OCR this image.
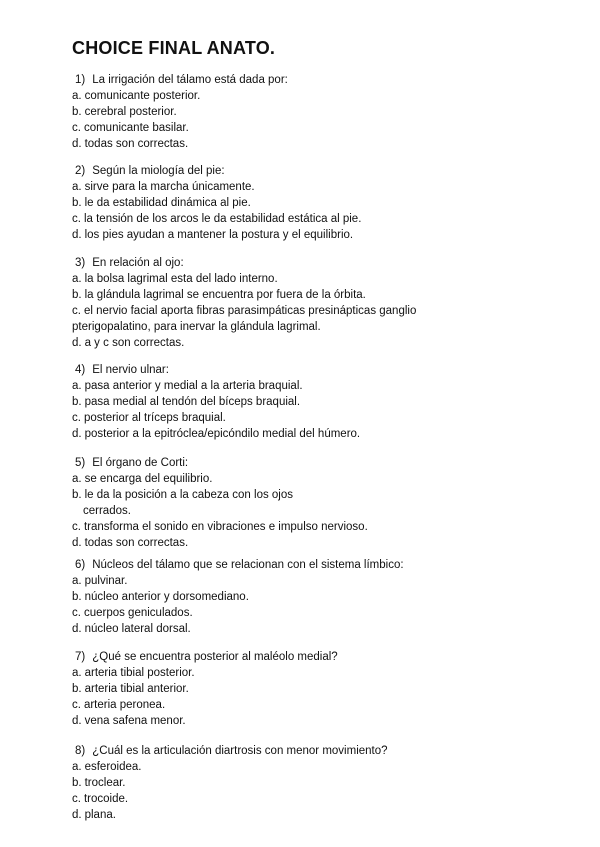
CHOICE FINAL ANATO.
1) La irrigación del tálamo está dada por:
a. comunicante posterior.
b. cerebral posterior.
c. comunicante basilar.
d. todas son correctas.
2) Según la miología del pie:
a. sirve para la marcha únicamente.
b. le da estabilidad dinámica al pie.
c. la tensión de los arcos le da estabilidad estática al pie.
d. los pies ayudan a mantener la postura y el equilibrio.
3) En relación al ojo:
a. la bolsa lagrimal esta del lado interno.
b. la glándula lagrimal se encuentra por fuera de la órbita.
c. el nervio facial aporta fibras parasimpáticas presinápticas ganglio
pterigopalatino, para inervar la glándula lagrimal.
d. a y c son correctas.
4) El nervio ulnar:
a. pasa anterior y medial a la arteria braquial.
b. pasa medial al tendón del bíceps braquial.
c. posterior al tríceps braquial.
d. posterior a la epitróclea/epicóndilo medial del húmero.
5) El órgano de Corti:
a. se encarga del equilibrio.
b. le da la posición a la cabeza con los ojos
cerrados.
c. transforma el sonido en vibraciones e impulso nervioso.
d. todas son correctas.
6) Núcleos del tálamo que se relacionan con el sistema límbico:
a. pulvinar.
b. núcleo anterior y dorsomediano.
c. cuerpos geniculados.
d. núcleo lateral dorsal.
7) ¿Qué se encuentra posterior al maléolo medial?
a. arteria tibial posterior.
b. arteria tibial anterior.
c. arteria peronea.
d. vena safena menor.
8) ¿Cuál es la articulación diartrosis con menor movimiento?
a. esferoidea.
b. troclear.
c. trocoide.
d. plana.
